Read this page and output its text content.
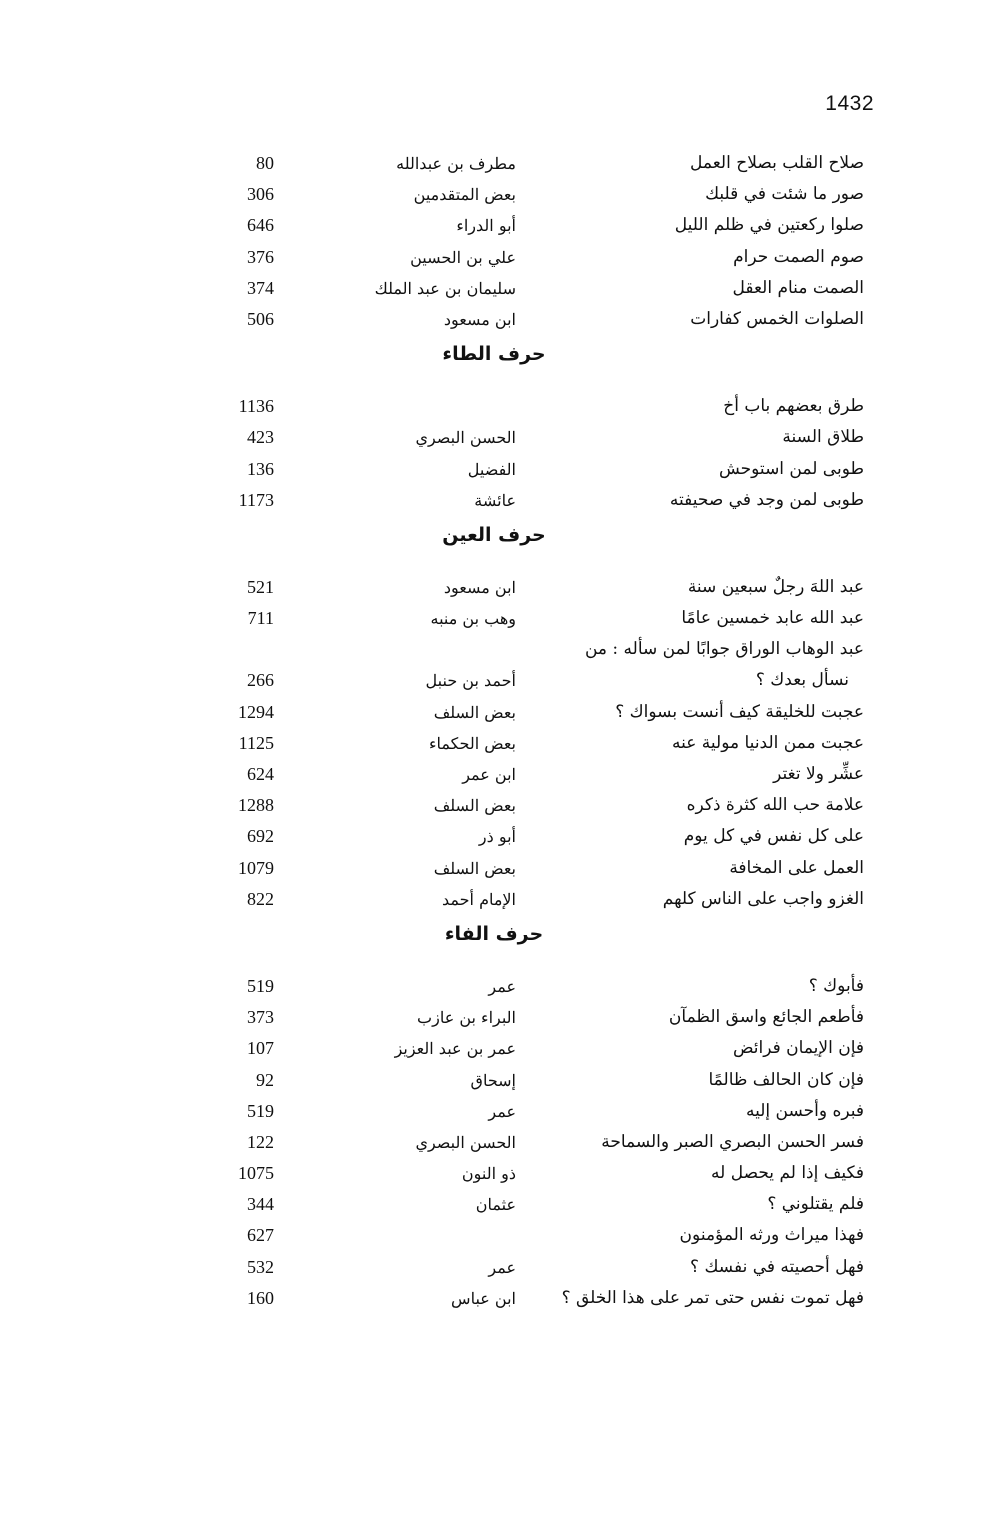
1432
صلاح القلب بصلاح العمل
مطرف بن عبدالله
80
صور ما شئت في قلبك
بعض المتقدمين
306
صلوا ركعتين في ظلم الليل
أبو الدراء
646
صوم الصمت حرام
علي بن الحسين
376
الصمت منام العقل
سليمان بن عبد الملك
374
الصلوات الخمس كفارات
ابن مسعود
506
حرف الطاء
طرق بعضهم باب أخ
1136
طلاق السنة
الحسن البصري
423
طوبى لمن استوحش
الفضيل
136
طوبى لمن وجد في صحيفته
عائشة
1173
حرف العين
عبد اللهَ رجلٌ سبعين سنة
ابن مسعود
521
عبد الله عابد خمسين عامًا
وهب بن منبه
711
عبد الوهاب الوراق جوابًا لمن سأله : من
نسأل بعدك ؟
أحمد بن حنبل
266
عجبت للخليقة كيف أنست بسواك ؟
بعض السلف
1294
عجبت ممن الدنيا مولية عنه
بعض الحكماء
1125
عشِّر ولا تغتر
ابن عمر
624
علامة حب الله كثرة ذكره
بعض السلف
1288
على كل نفس في كل يوم
أبو ذر
692
العمل على المخافة
بعض السلف
1079
الغزو واجب على الناس كلهم
الإمام أحمد
822
حرف الفاء
فأبوك ؟
عمر
519
فأطعم الجائع واسق الظمآن
البراء بن عازب
373
فإن الإيمان فرائض
عمر بن عبد العزيز
107
فإن كان الحالف ظالمًا
إسحاق
92
فبره وأحسن إليه
عمر
519
فسر الحسن البصري الصبر والسماحة
الحسن البصري
122
فكيف إذا لم يحصل له
ذو النون
1075
فلم يقتلوني ؟
عثمان
344
فهذا ميراث ورثه المؤمنون
627
فهل أحصيته في نفسك ؟
عمر
532
فهل تموت نفس حتى تمر على هذا الخلق ؟
ابن عباس
160
